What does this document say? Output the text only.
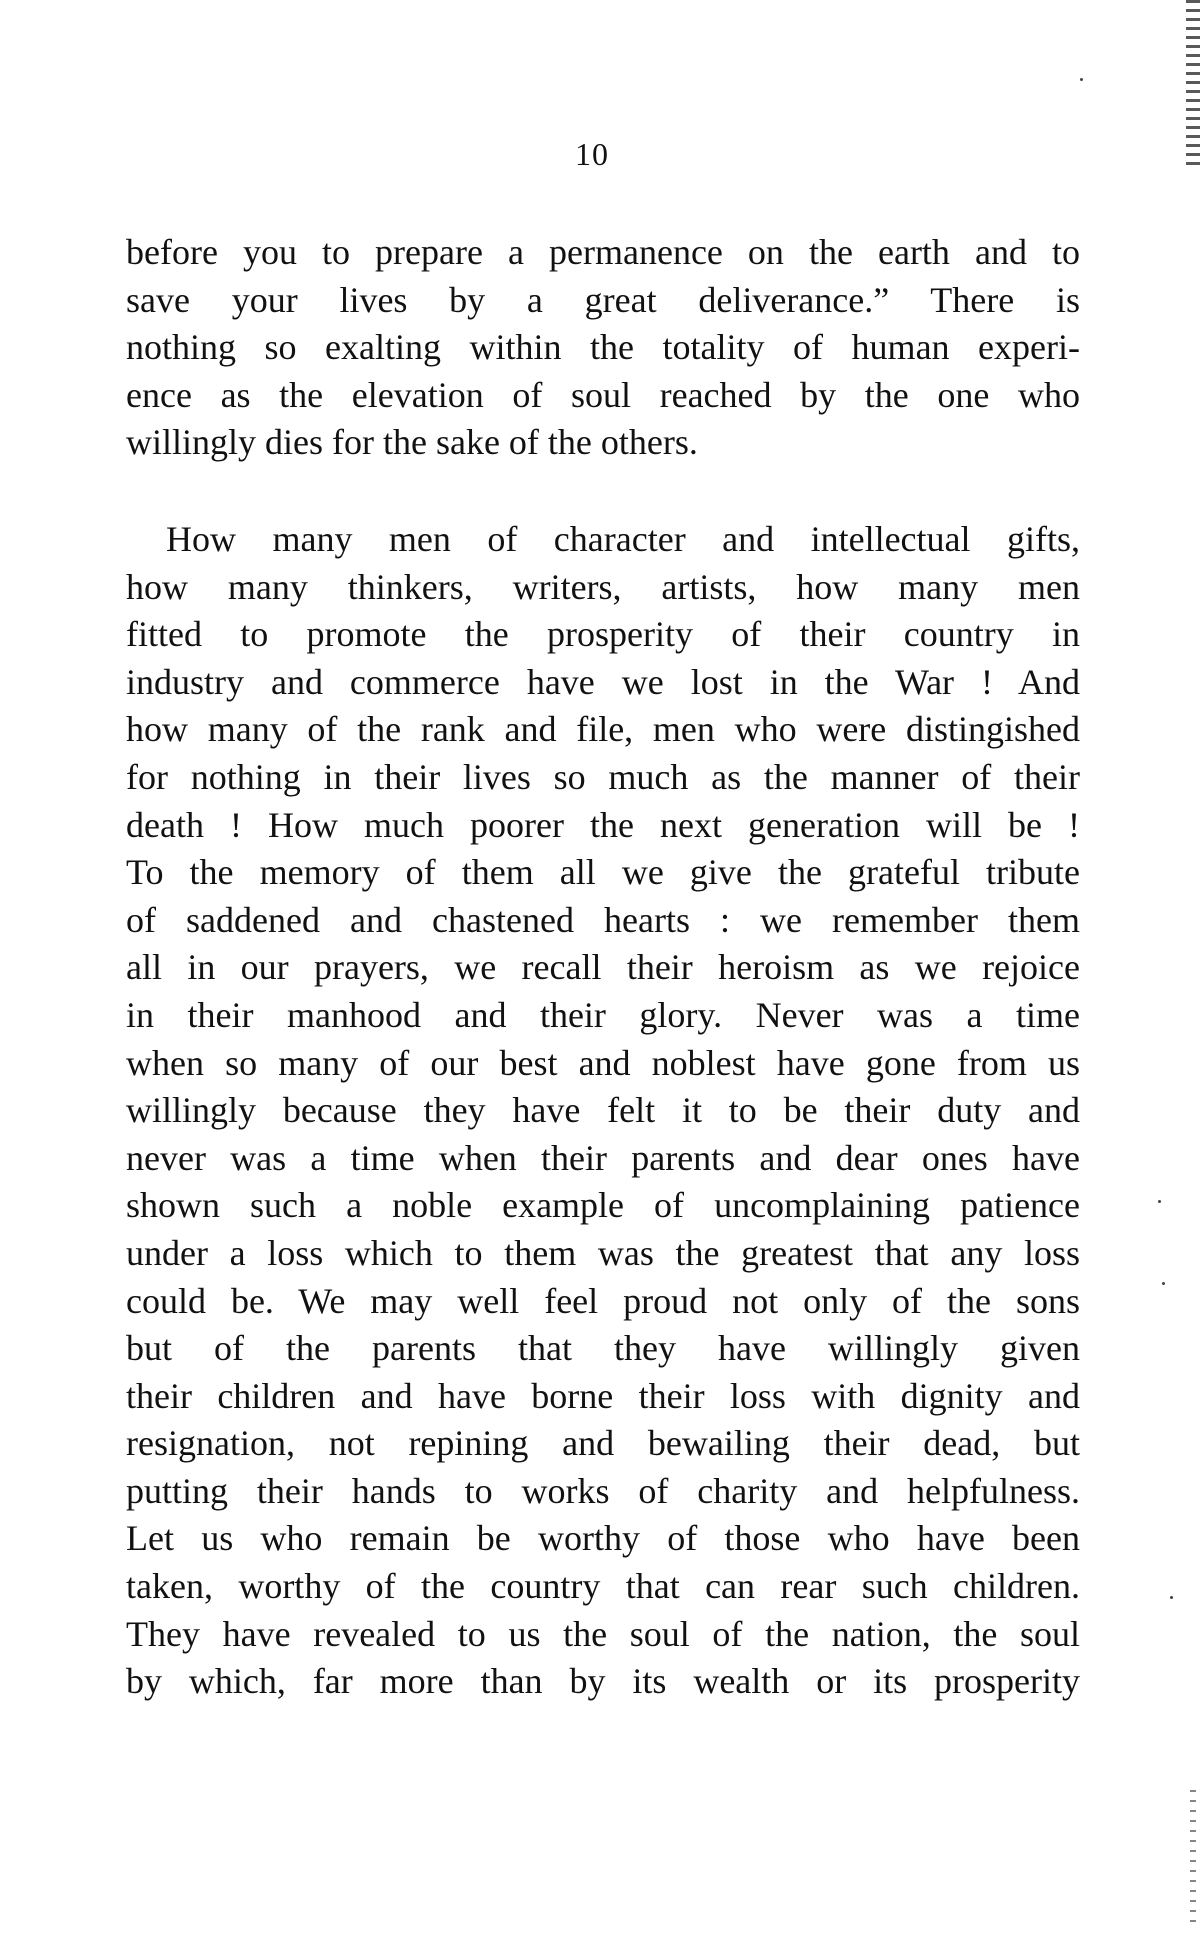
10
before you to prepare a permanence on the earth and to
save your lives by a great deliverance.” There is
nothing so exalting within the totality of human experi-
ence as the elevation of soul reached by the one who
willingly dies for the sake of the others.
How many men of character and intellectual gifts,
how many thinkers, writers, artists, how many men
fitted to promote the prosperity of their country in
industry and commerce have we lost in the War ! And
how many of the rank and file, men who were distingished
for nothing in their lives so much as the manner of their
death ! How much poorer the next generation will be !
To the memory of them all we give the grateful tribute
of saddened and chastened hearts : we remember them
all in our prayers, we recall their heroism as we rejoice
in their manhood and their glory. Never was a time
when so many of our best and noblest have gone from us
willingly because they have felt it to be their duty and
never was a time when their parents and dear ones have
shown such a noble example of uncomplaining patience
under a loss which to them was the greatest that any loss
could be. We may well feel proud not only of the sons
but of the parents that they have willingly given
their children and have borne their loss with dignity and
resignation, not repining and bewailing their dead, but
putting their hands to works of charity and helpfulness.
Let us who remain be worthy of those who have been
taken, worthy of the country that can rear such children.
They have revealed to us the soul of the nation, the soul
by which, far more than by its wealth or its prosperity
